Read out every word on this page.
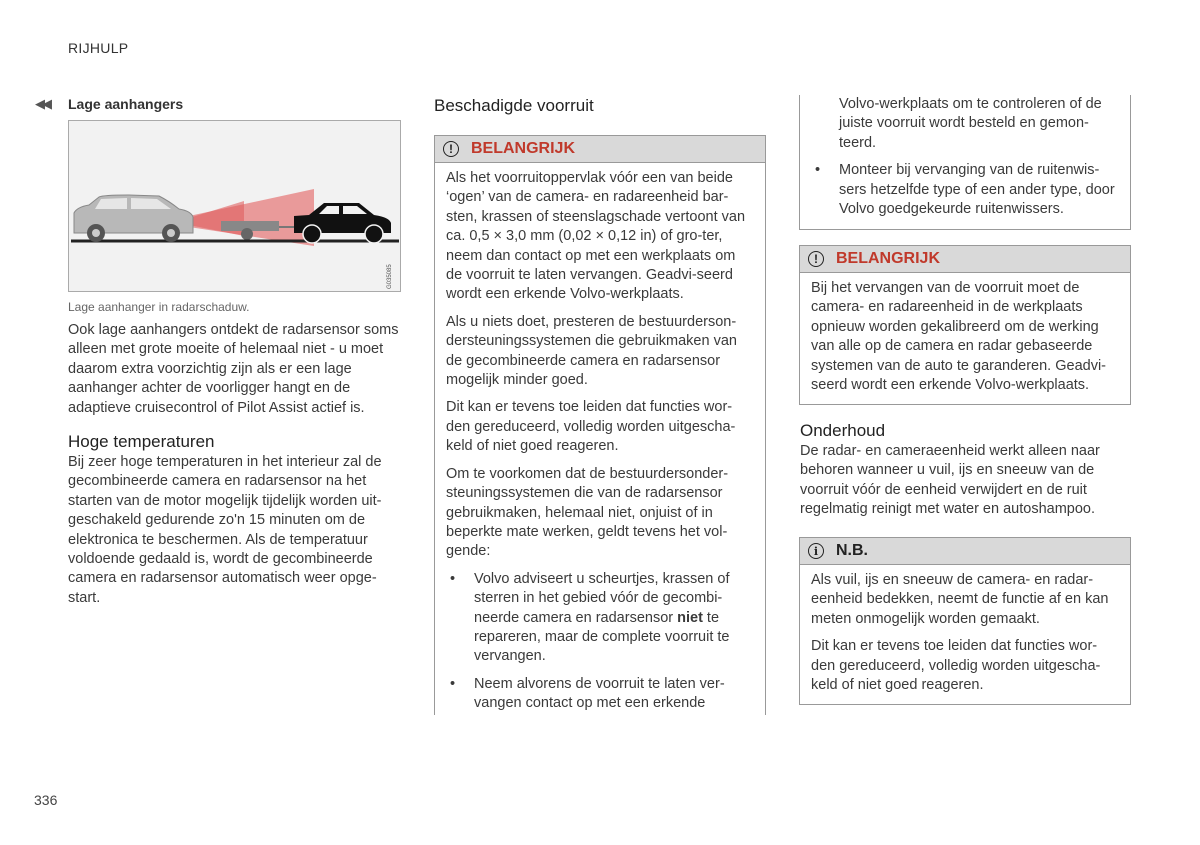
RIJHULP
◀◀ Lage aanhangers
G035085
Lage aanhanger in radarschaduw.

Ook lage aanhangers ontdekt de radarsensor soms alleen met grote moeite of helemaal niet - u moet daarom extra voorzichtig zijn als er een lage aanhanger achter de voorligger hangt en de adaptieve cruisecontrol of Pilot Assist actief is.

Hoge temperaturen

Bij zeer hoge temperaturen in het interieur zal de gecombineerde camera en radarsensor na het starten van de motor mogelijk tijdelijk worden uit-geschakeld gedurende zo'n 15 minuten om de elektronica te beschermen. Als de temperatuur voldoende gedaald is, wordt de gecombineerde camera en radarsensor automatisch weer opge-start.

Beschadigde voorruit
!	BELANGRIJK

Als het voorruitoppervlak vóór een van beide ‘ogen’ van de camera- en radareenheid bar-sten, krassen of steenslagschade vertoont van ca. 0,5 × 3,0 mm (0,02 × 0,12 in) of gro-ter, neem dan contact op met een werkplaats om de voorruit te laten vervangen. Geadvi-seerd wordt een erkende Volvo-werkplaats.

Als u niets doet, presteren de bestuurderson-dersteuningssystemen die gebruikmaken van de gecombineerde camera en radarsensor mogelijk minder goed.

Dit kan er tevens toe leiden dat functies wor-den gereduceerd, volledig worden uitgescha-keld of niet goed reageren.

Om te voorkomen dat de bestuurdersonder-steuningssystemen die van de radarsensor gebruikmaken, helemaal niet, onjuist of in beperkte mate werken, geldt tevens het vol-gende:

• Volvo adviseert u scheurtjes, krassen of sterren in het gebied vóór de gecombi-neerde camera en radarsensor niet te repareren, maar de complete voorruit te vervangen.

• Neem alvorens de voorruit te laten ver-vangen contact op met een erkende

Volvo-werkplaats om te controleren of de juiste voorruit wordt besteld en gemon-teerd.

• Monteer bij vervanging van de ruitenwis-sers hetzelfde type of een ander type, door Volvo goedgekeurde ruitenwissers.

!	BELANGRIJK

Bij het vervangen van de voorruit moet de camera- en radareenheid in de werkplaats opnieuw worden gekalibreerd om de werking van alle op de camera en radar gebaseerde systemen van de auto te garanderen. Geadvi-seerd wordt een erkende Volvo-werkplaats.

Onderhoud

De radar- en cameraeenheid werkt alleen naar behoren wanneer u vuil, ijs en sneeuw van de voorruit vóór de eenheid verwijdert en de ruit regelmatig reinigt met water en autoshampoo.

i	N.B.

Als vuil, ijs en sneeuw de camera- en radar-eenheid bedekken, neemt de functie af en kan meten onmogelijk worden gemaakt.

Dit kan er tevens toe leiden dat functies wor-den gereduceerd, volledig worden uitgescha-keld of niet goed reageren.

336
